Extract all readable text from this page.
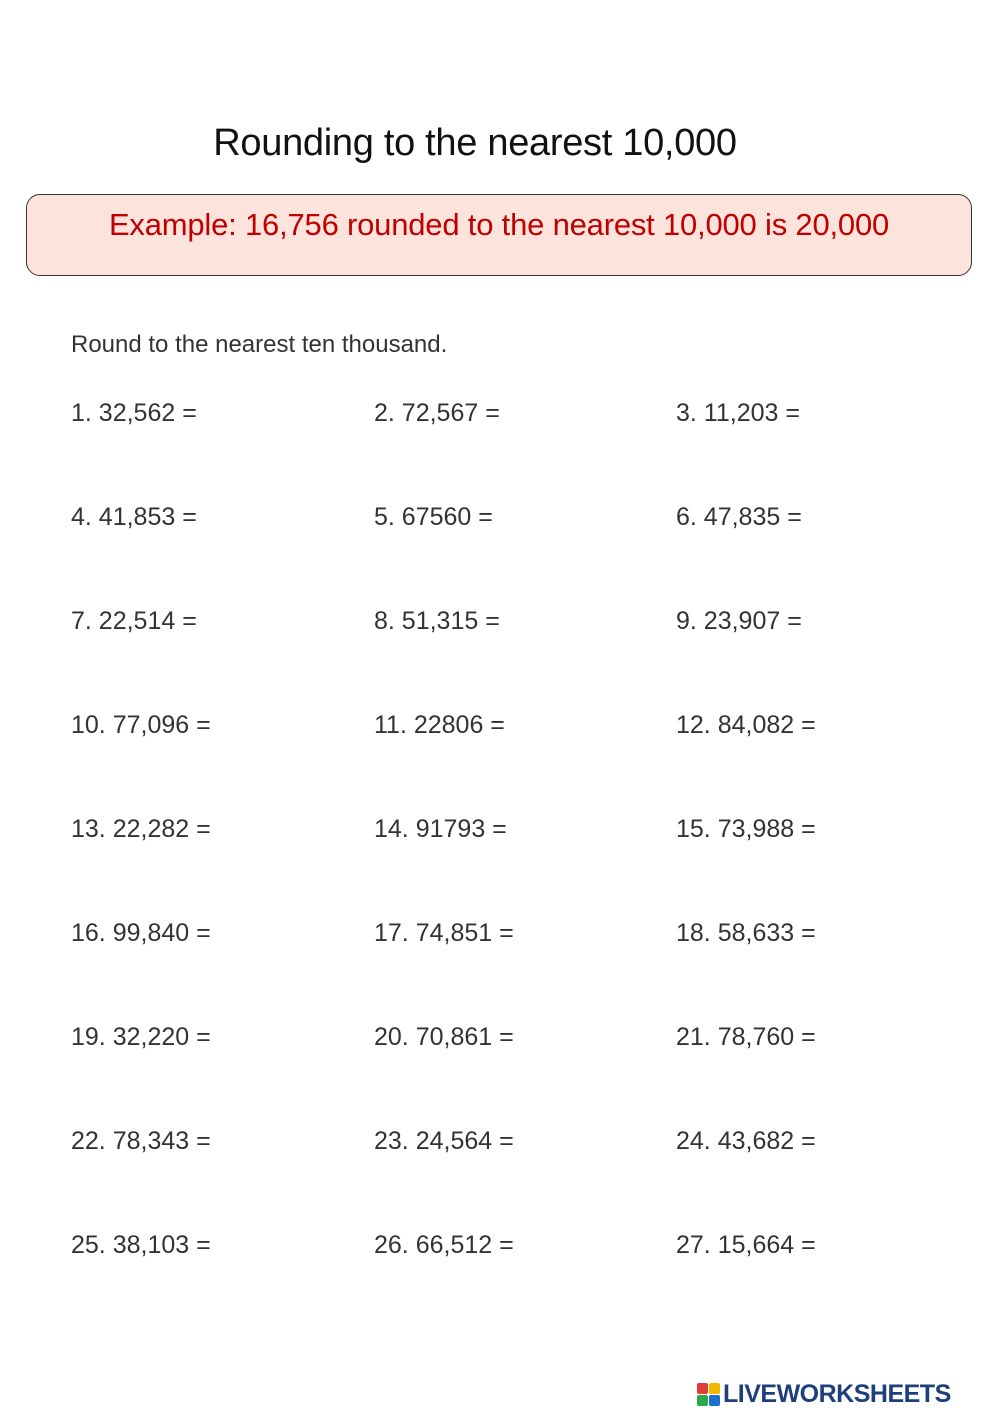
Rounding to the nearest 10,000
Example: 16,756 rounded to the nearest 10,000 is 20,000
Round to the nearest ten thousand.
1. 32,562 =	2. 72,567 =	3. 11,203 =
4. 41,853 =	5. 67560 =	6. 47,835 =
7. 22,514 =	8. 51,315 =	9. 23,907 =
10. 77,096 =	11. 22806 =	12. 84,082 =
13. 22,282 =	14. 91793 =	15. 73,988 =
16. 99,840 =	17. 74,851 =	18. 58,633 =
19. 32,220 =	20. 70,861 =	21. 78,760 =
22. 78,343 =	23. 24,564 =	24. 43,682 =
25. 38,103 =	26. 66,512 =	27. 15,664 =
LIVEWORKSHEETS
